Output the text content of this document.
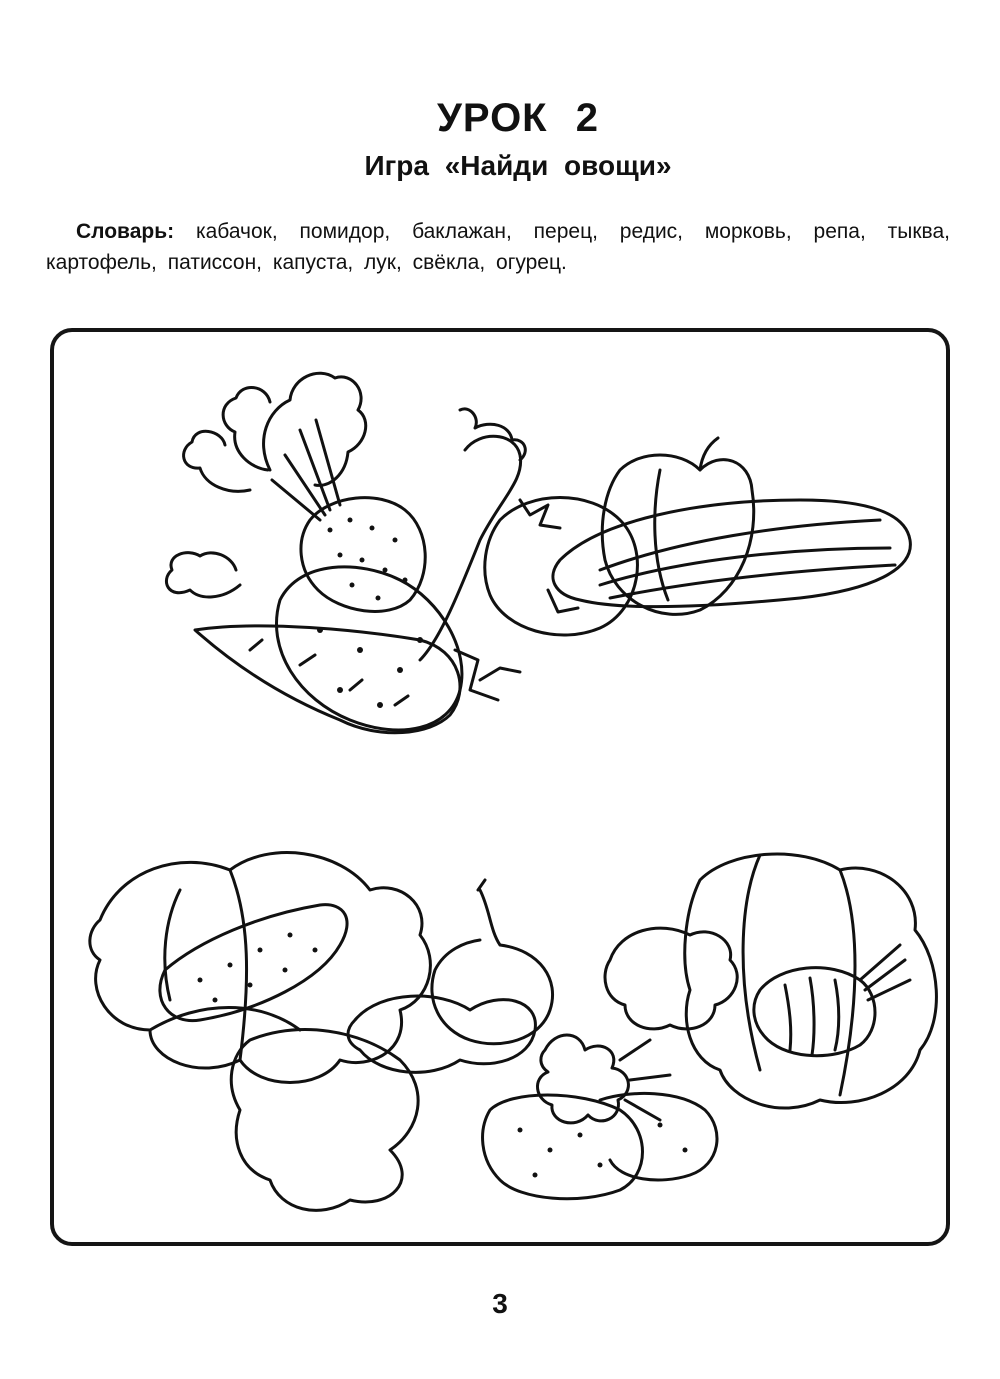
УРОК 2
Игра «Найди овощи»
Словарь: кабачок, помидор, баклажан, перец, редис, морковь, репа, тыква, картофель, патиссон, капуста, лук, свёкла, огурец.
3
